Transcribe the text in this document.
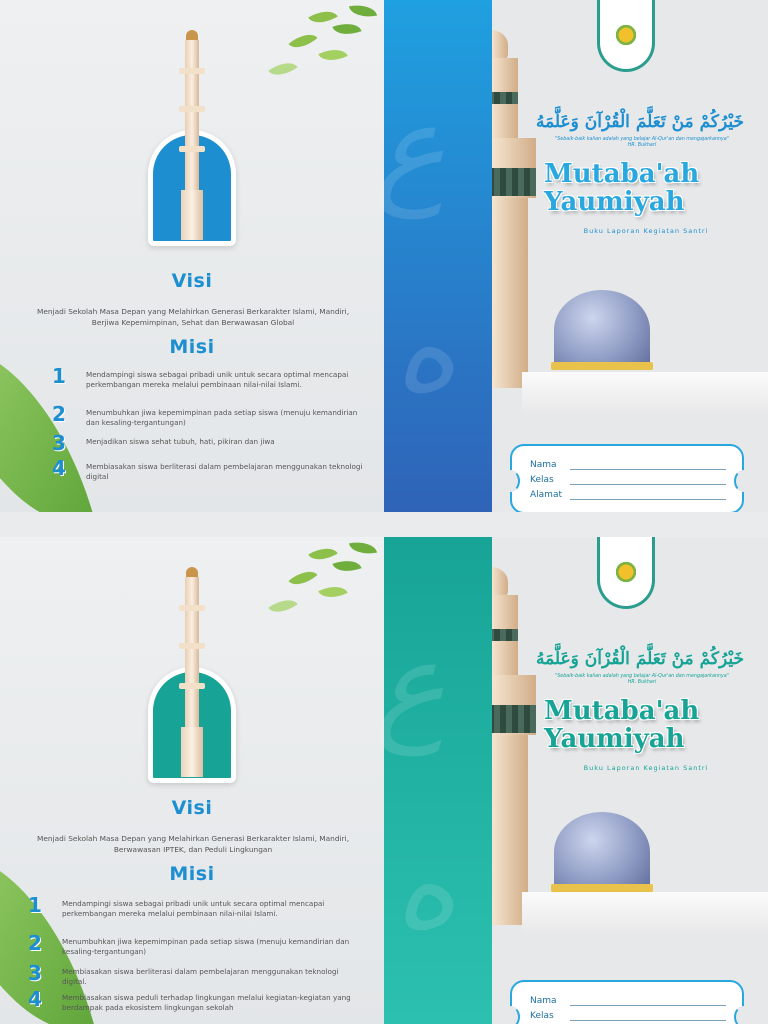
Visi
Menjadi Sekolah Masa Depan yang Melahirkan Generasi Berkarakter Islami, Mandiri, Berjiwa Kepemimpinan, Sehat dan Berwawasan Global
Misi
1	Mendampingi siswa sebagai pribadi unik untuk secara optimal mencapai perkembangan mereka melalui pembinaan nilai-nilai Islami.
2	Menumbuhkan jiwa kepemimpinan pada setiap siswa (menuju kemandirian dan kesaling-tergantungan)
3	Menjadikan siswa sehat tubuh, hati, pikiran dan jiwa
4	Membiasakan siswa berliterasi dalam pembelajaran menggunakan teknologi digital
ع
ه
خَيْرُكُمْ مَنْ تَعَلَّمَ الْقُرْآنَ وَعَلَّمَهُ
"Sebaik-baik kalian adalah yang belajar Al-Qur'an dan mengajarkannya"
HR. Bukhari
Mutaba'ah
Yaumiyah
Buku Laporan Kegiatan Santri
Nama
Kelas
Alamat
Visi
Menjadi Sekolah Masa Depan yang Melahirkan Generasi Berkarakter Islami, Mandiri, Berwawasan IPTEK, dan Peduli Lingkungan
Misi
1	Mendampingi siswa sebagai pribadi unik untuk secara optimal mencapai perkembangan mereka melalui pembinaan nilai-nilai Islami.
2	Menumbuhkan jiwa kepemimpinan pada setiap siswa (menuju kemandirian dan kesaling-tergantungan)
3	Membiasakan siswa berliterasi dalam pembelajaran menggunakan teknologi digital.
4	Membiasakan siswa peduli terhadap lingkungan melalui kegiatan-kegiatan yang berdampak pada ekosistem lingkungan sekolah
ع
ه
خَيْرُكُمْ مَنْ تَعَلَّمَ الْقُرْآنَ وَعَلَّمَهُ
"Sebaik-baik kalian adalah yang belajar Al-Qur'an dan mengajarkannya"
HR. Bukhari
Mutaba'ah
Yaumiyah
Buku Laporan Kegiatan Santri
Nama
Kelas
